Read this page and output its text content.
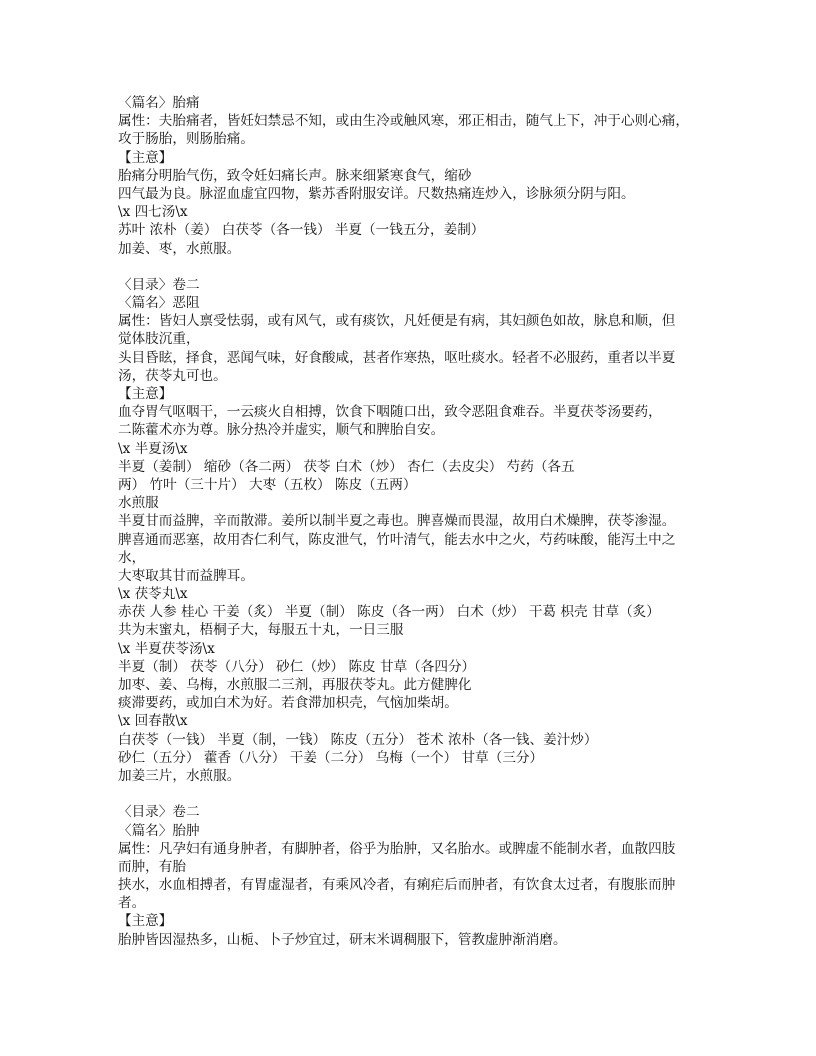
〈篇名〉胎痛
属性：夫胎痛者，皆妊妇禁忌不知，或由生冷或触风寒，邪正相击，随气上下，冲于心则心痛，
攻于肠胎，则肠胎痛。
【主意】
胎痛分明胎气伤，致令妊妇痛长声。脉来细紧寒食气，缩砂
四气最为良。脉涩血虚宜四物，紫苏香附服安详。尺数热痛连炒入，诊脉须分阴与阳。
\x 四七汤\x
苏叶 浓朴（姜） 白茯苓（各一钱） 半夏（一钱五分，姜制）
加姜、枣，水煎服。
〈目录〉卷二
〈篇名〉恶阻
属性：皆妇人禀受怯弱，或有风气，或有痰饮，凡妊便是有病，其妇颜色如故，脉息和顺，但
觉体肢沉重，
头目昏眩，择食，恶闻气味，好食酸咸，甚者作寒热，呕吐痰水。轻者不必服药，重者以半夏
汤，茯苓丸可也。
【主意】
血夺胃气呕咽干，一云痰火自相搏，饮食下咽随口出，致令恶阻食难吞。半夏茯苓汤要药，
二陈藿术亦为尊。脉分热冷并虚实，顺气和脾胎自安。
\x 半夏汤\x
半夏（姜制） 缩砂（各二两） 茯苓 白术（炒） 杏仁（去皮尖） 芍药（各五
两） 竹叶（三十片） 大枣（五枚） 陈皮（五两）
水煎服
半夏甘而益脾，辛而散滞。姜所以制半夏之毒也。脾喜燥而畏湿，故用白术燥脾，茯苓渗湿。
脾喜通而恶塞，故用杏仁利气，陈皮泄气，竹叶清气，能去水中之火，芍药味酸，能泻土中之
水，
大枣取其甘而益脾耳。
\x 茯苓丸\x
赤茯 人参 桂心 干姜（炙） 半夏（制） 陈皮（各一两） 白术（炒） 干葛 枳壳 甘草（炙）
共为末蜜丸，梧桐子大，每服五十丸，一日三服
\x 半夏茯苓汤\x
半夏（制） 茯苓（八分） 砂仁（炒） 陈皮 甘草（各四分）
加枣、姜、乌梅，水煎服二三剂，再服茯苓丸。此方健脾化
痰滞要药，或加白术为好。若食滞加枳壳，气恼加柴胡。
\x 回春散\x
白茯苓（一钱） 半夏（制，一钱） 陈皮（五分） 苍术 浓朴（各一钱、姜汁炒）
砂仁（五分） 藿香（八分） 干姜（二分） 乌梅（一个） 甘草（三分）
加姜三片，水煎服。
〈目录〉卷二
〈篇名〉胎肿
属性：凡孕妇有通身肿者，有脚肿者，俗乎为胎肿，又名胎水。或脾虚不能制水者，血散四肢
而肿，有胎
挟水，水血相搏者，有胃虚湿者，有乘风冷者，有痢疟后而肿者，有饮食太过者，有腹胀而肿
者。
【主意】
胎肿皆因湿热多，山栀、卜子炒宜过，研末米调稠服下，管教虚肿渐消磨。
